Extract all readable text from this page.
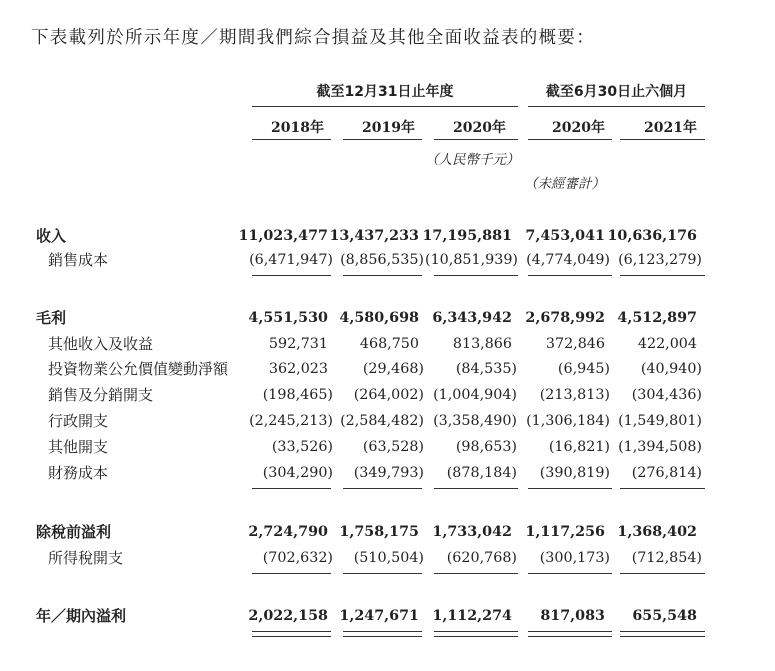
下表載列於所示年度／期間我們綜合損益及其他全面收益表的概要：
截至12月31日止年度	截至6月30日止六個月
2018年	2019年	2020年	2020年	2021年
（人民幣千元）
（未經審計）
收入	11,023,477 13,437,233 17,195,881 7,453,041 10,636,176
銷售成本	(6,471,947) (8,856,535) (10,851,939) (4,774,049) (6,123,279)
毛利	4,551,530 4,580,698 6,343,942 2,678,992 4,512,897
其他收入及收益	592,731	468,750	813,866	372,846	422,004
投資物業公允價值變動淨額	362,023	(29,468)	(84,535)	(6,945)	(40,940)
銷售及分銷開支	(198,465)	(264,002) (1,004,904)	(213,813)	(304,436)
行政開支	(2,245,213) (2,584,482) (3,358,490) (1,306,184) (1,549,801)
其他開支	(33,526)	(63,528)	(98,653)	(16,821) (1,394,508)
財務成本	(304,290)	(349,793)	(878,184)	(390,819)	(276,814)
除稅前溢利	2,724,790 1,758,175 1,733,042 1,117,256 1,368,402
所得稅開支	(702,632)	(510,504)	(620,768)	(300,173)	(712,854)
年／期內溢利	2,022,158 1,247,671 1,112,274	817,083	655,548
